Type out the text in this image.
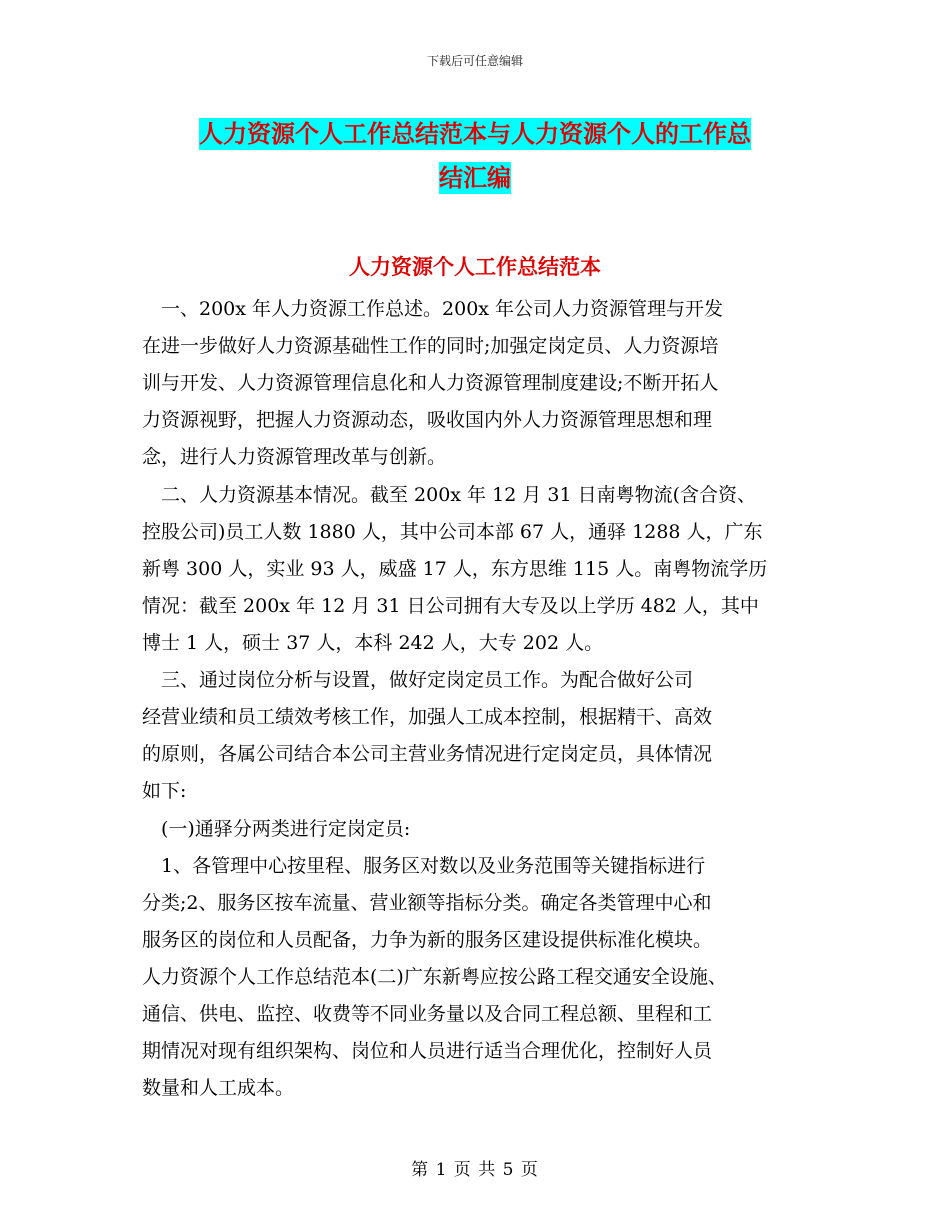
下载后可任意编辑
人力资源个人工作总结范本与人力资源个人的工作总
结汇编
人力资源个人工作总结范本
　一、200x 年人力资源工作总述。200x 年公司人力资源管理与开发
在进一步做好人力资源基础性工作的同时;加强定岗定员、人力资源培
训与开发、人力资源管理信息化和人力资源管理制度建设;不断开拓人
力资源视野，把握人力资源动态，吸收国内外人力资源管理思想和理
念，进行人力资源管理改革与创新。
　二、人力资源基本情况。截至 200x 年 12 月 31 日南粤物流(含合资、
控股公司)员工人数 1880 人，其中公司本部 67 人，通驿 1288 人，广东
新粤 300 人，实业 93 人，威盛 17 人，东方思维 115 人。南粤物流学历
情况：截至 200x 年 12 月 31 日公司拥有大专及以上学历 482 人，其中
博士 1 人，硕士 37 人，本科 242 人，大专 202 人。
　三、通过岗位分析与设置，做好定岗定员工作。为配合做好公司
经营业绩和员工绩效考核工作，加强人工成本控制，根据精干、高效
的原则，各属公司结合本公司主营业务情况进行定岗定员，具体情况
如下:
　(一)通驿分两类进行定岗定员:
　1、各管理中心按里程、服务区对数以及业务范围等关键指标进行
分类;2、服务区按车流量、营业额等指标分类。确定各类管理中心和
服务区的岗位和人员配备，力争为新的服务区建设提供标准化模块。
人力资源个人工作总结范本(二)广东新粤应按公路工程交通安全设施、
通信、供电、监控、收费等不同业务量以及合同工程总额、里程和工
期情况对现有组织架构、岗位和人员进行适当合理优化，控制好人员
数量和人工成本。
第 1 页 共 5 页
